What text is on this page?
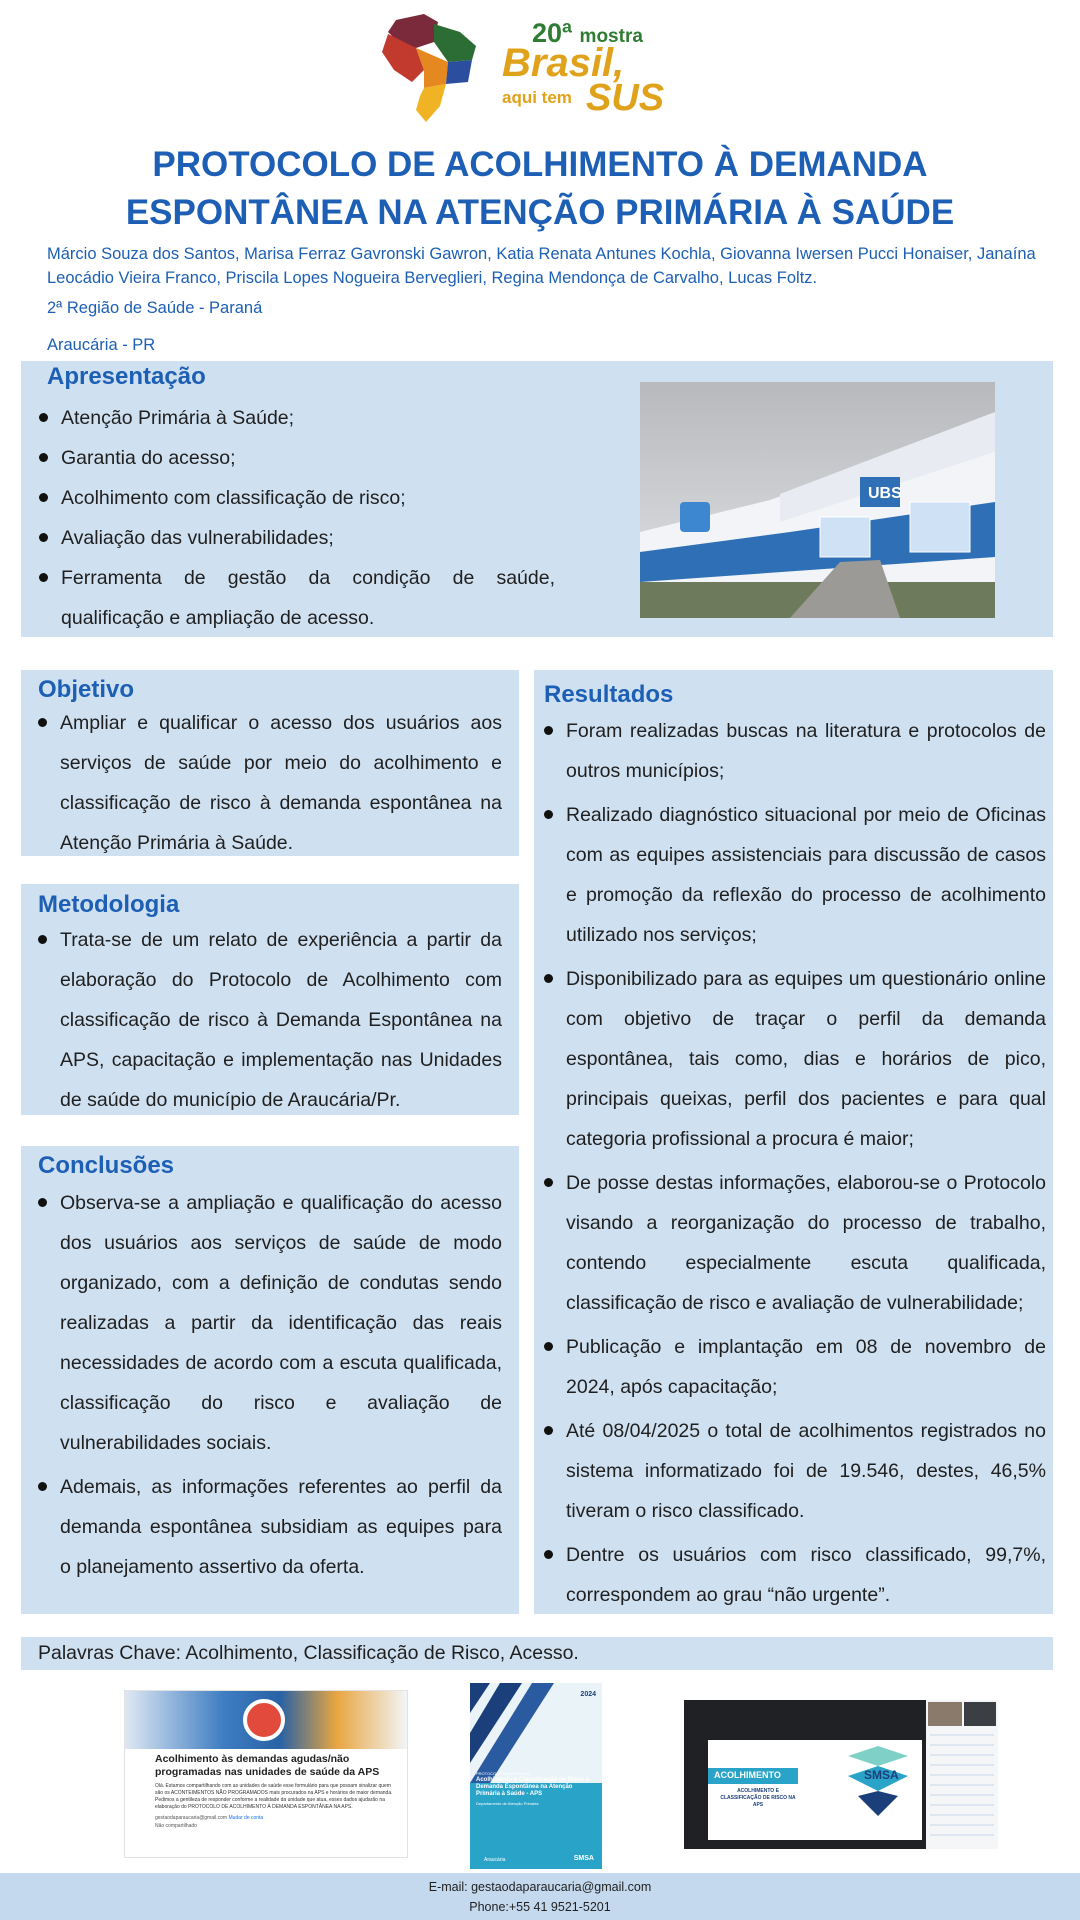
20ª mostra
Brasil,
aqui tem SUS
PROTOCOLO DE ACOLHIMENTO À DEMANDA
ESPONTÂNEA NA ATENÇÃO PRIMÁRIA À SAÚDE
Márcio Souza dos Santos, Marisa Ferraz Gavronski Gawron, Katia Renata Antunes Kochla, Giovanna Iwersen Pucci Honaiser, Janaína Leocádio Vieira Franco, Priscila Lopes Nogueira Berveglieri, Regina Mendonça de Carvalho, Lucas Foltz.
2ª Região de Saúde - Paraná
Araucária - PR
Apresentação
Atenção Primária à Saúde;
Garantia do acesso;
Acolhimento com classificação de risco;
Avaliação das vulnerabilidades;
Ferramenta de gestão da condição de saúde, qualificação e ampliação de acesso.
UBS
Objetivo
Ampliar e qualificar o acesso dos usuários aos serviços de saúde por meio do acolhimento e classificação de risco à demanda espontânea na Atenção Primária à Saúde.
Metodologia
Trata-se de um relato de experiência a partir da elaboração do Protocolo de Acolhimento com classificação de risco à Demanda Espontânea na APS, capacitação e implementação nas Unidades de saúde do município de Araucária/Pr.
Conclusões
Observa-se a ampliação e qualificação do acesso dos usuários aos serviços de saúde de modo organizado, com a definição de condutas sendo realizadas a partir da identificação das reais necessidades de acordo com a escuta qualificada, classificação do risco e avaliação de vulnerabilidades sociais.
Ademais, as informações referentes ao perfil da demanda espontânea subsidiam as equipes para o planejamento assertivo da oferta.
Resultados
Foram realizadas buscas na literatura e protocolos de outros municípios;
Realizado diagnóstico situacional por meio de Oficinas com as equipes assistenciais para discussão de casos e promoção da reflexão do processo de acolhimento utilizado nos serviços;
Disponibilizado para as equipes um questionário online com objetivo de traçar o perfil da demanda espontânea, tais como, dias e horários de pico, principais queixas, perfil dos pacientes e para qual categoria profissional a procura é maior;
De posse destas informações, elaborou-se o Protocolo visando a reorganização do processo de trabalho, contendo especialmente escuta qualificada, classificação de risco e avaliação de vulnerabilidade;
Publicação e implantação em 08 de novembro de 2024, após capacitação;
Até 08/04/2025 o total de acolhimentos registrados no sistema informatizado foi de 19.546, destes, 46,5% tiveram o risco classificado.
Dentre os usuários com risco classificado, 99,7%, correspondem ao grau “não urgente”.
Palavras Chave: Acolhimento, Classificação de Risco, Acesso.
Acolhimento às demandas agudas/não programadas nas unidades de saúde da APS
Olá. Estamos compartilhando com as unidades de saúde esse formulário para que possam sinalizar quem são os ACONTEIMENTOS NÃO PROGRAMADOS mais procurados na APS e horários de maior demanda. Pedimos a gentileza de responder conforme a realidade da unidade que atua, esses dados ajudarão na elaboração do PROTOCOLO DE ACOLHIMENTO À DEMANDA ESPONTÂNEA NA APS.
gestaodaparaucaria@gmail.com Mudar de conta
Não compartilhado
2024
PROTOCOLO ASSISTENCIAL
Acolhimento e Classificação de Risco à Demanda Espontânea na Atenção Primária à Saúde - APS
Departamento de Atenção Primária
Araucária	SMSA
ACOLHIMENTO
ACOLHIMENTO E CLASSIFICAÇÃO DE RISCO NA APS
SMSA
E-mail: gestaodaparaucaria@gmail.com
Phone:+55 41 9521-5201
